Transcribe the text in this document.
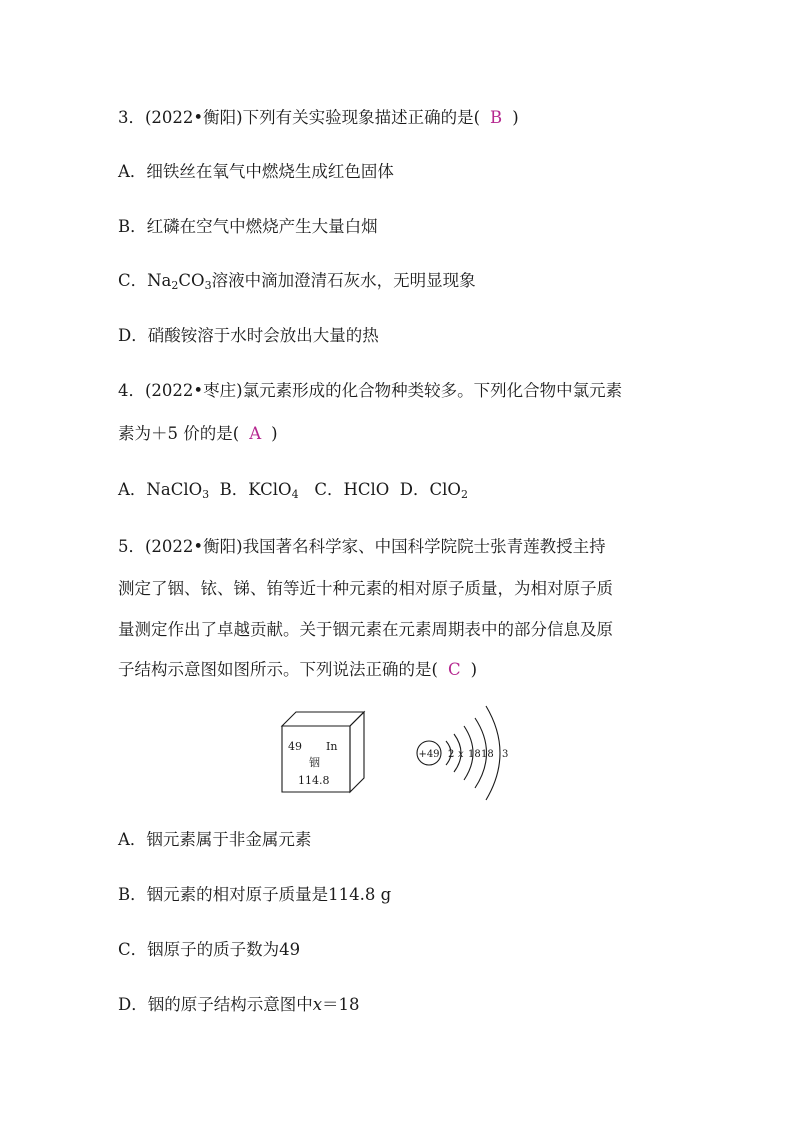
3．(2022•衡阳)下列有关实验现象描述正确的是( B )
A．细铁丝在氧气中燃烧生成红色固体
B．红磷在空气中燃烧产生大量白烟
C．$Na_2CO_3$溶液中滴加澄清石灰水，无明显现象
D．硝酸铵溶于水时会放出大量的热
4．(2022•枣庄)氯元素形成的化合物种类较多。下列化合物中氯元素
素为＋5 价的是( A )
A．NaClO$_3$ B．KClO$_4$ C．HClO D．ClO$_2$
5．(2022•衡阳)我国著名科学家、中国科学院院士张青莲教授主持
测定了铟、铱、锑、铕等近十种元素的相对原子质量，为相对原子质
量测定作出了卓越贡献。关于铟元素在元素周期表中的部分信息及原
子结构示意图如图所示。下列说法正确的是( C )
49 In
铟
114.8
+49 2 x 18 18 3
A．铟元素属于非金属元素
B．铟元素的相对原子质量是114.8 g
C．铟原子的质子数为49
D．铟的原子结构示意图中x＝18
